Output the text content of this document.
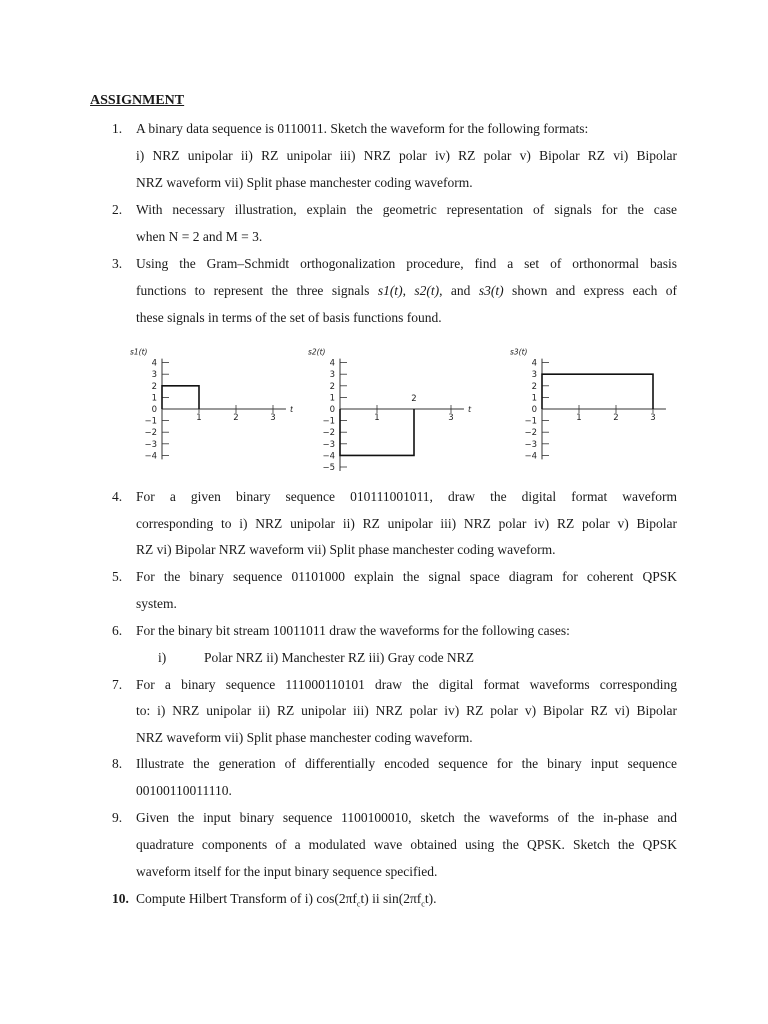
ASSIGNMENT
1.	A binary data sequence is 0110011. Sketch the waveform for the following formats:
i) NRZ unipolar ii) RZ unipolar iii) NRZ polar iv) RZ polar v) Bipolar RZ vi) Bipolar
NRZ waveform vii) Split phase manchester coding waveform.
2.	With necessary illustration, explain the geometric representation of signals for the case
when N = 2 and M = 3.
3.	Using the Gram–Schmidt orthogonalization procedure, find a set of orthonormal basis
functions to represent the three signals s1(t), s2(t), and s3(t) shown and express each of
these signals in terms of the set of basis functions found.
s1(t)
4
3
2
1
0
−1
−2
−3
−4
1	2	3
t
s2(t)
4
3
2
1
0
−1
−2
−3
−4
−5
1	3
t
2
s3(t)
4
3
2
1
0
−1
−2
−3
−4
1	2	3
4.	For a given binary sequence 010111001011, draw the digital format waveform
corresponding to i) NRZ unipolar ii) RZ unipolar iii) NRZ polar iv) RZ polar v) Bipolar
RZ vi) Bipolar NRZ waveform vii) Split phase manchester coding waveform.
5.	For the binary sequence 01101000 explain the signal space diagram for coherent QPSK
system.
6.	For the binary bit stream 10011011 draw the waveforms for the following cases:
i)	Polar NRZ ii) Manchester RZ iii) Gray code NRZ
7.	For a binary sequence 111000110101 draw the digital format waveforms corresponding
to: i) NRZ unipolar ii) RZ unipolar iii) NRZ polar iv) RZ polar v) Bipolar RZ vi) Bipolar
NRZ waveform vii) Split phase manchester coding waveform.
8.	Illustrate the generation of differentially encoded sequence for the binary input sequence
00100110011110.
9.	Given the input binary sequence 1100100010, sketch the waveforms of the in-phase and
quadrature components of a modulated wave obtained using the QPSK. Sketch the QPSK
waveform itself for the input binary sequence specified.
10. Compute Hilbert Transform of i) $\cos(2\pi f_ct)$ ii $\sin(2\pi f_ct)$.
